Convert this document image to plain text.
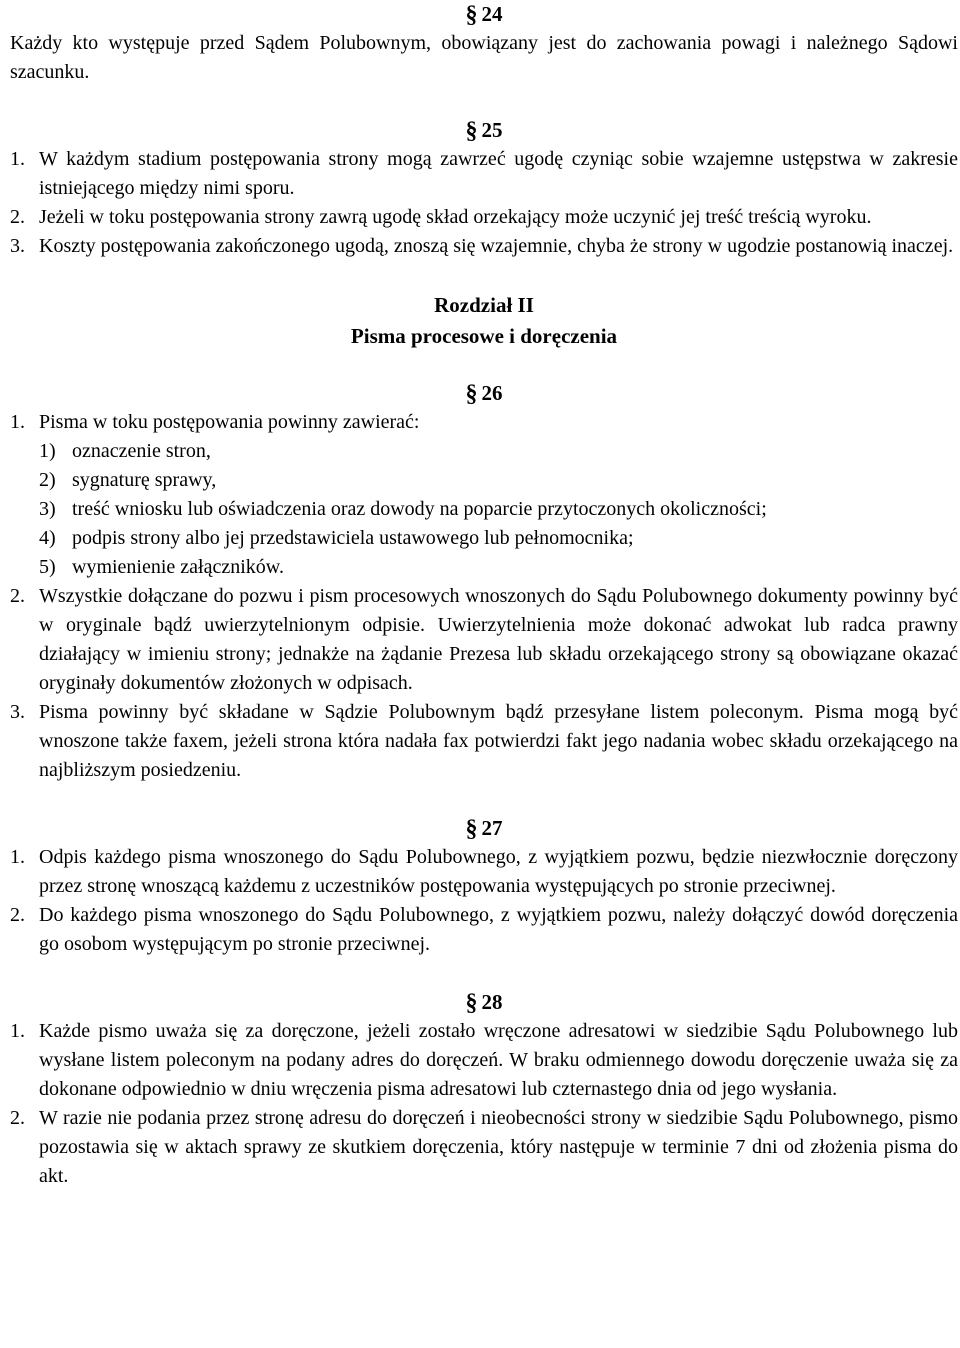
§ 24

Każdy kto występuje przed Sądem Polubownym, obowiązany jest do zachowania powagi i należnego Sądowi szacunku.

§ 25
1. W każdym stadium postępowania strony mogą zawrzeć ugodę czyniąc sobie wzajemne ustępstwa w zakresie istniejącego między nimi sporu.
2. Jeżeli w toku postępowania strony zawrą ugodę skład orzekający może uczynić jej treść treścią wyroku.
3. Koszty postępowania zakończonego ugodą, znoszą się wzajemnie, chyba że strony w ugodzie postanowią inaczej.
Rozdział II
Pisma procesowe i doręczenia
§ 26
1. Pisma w toku postępowania powinny zawierać:
1) oznaczenie stron,
2) sygnaturę sprawy,
3) treść wniosku lub oświadczenia oraz dowody na poparcie przytoczonych okoliczności;
4) podpis strony albo jej przedstawiciela ustawowego lub pełnomocnika;
5) wymienienie załączników.
2. Wszystkie dołączane do pozwu i pism procesowych wnoszonych do Sądu Polubownego dokumenty powinny być w oryginale bądź uwierzytelnionym odpisie. Uwierzytelnienia może dokonać adwokat lub radca prawny działający w imieniu strony; jednakże na żądanie Prezesa lub składu orzekającego strony są obowiązane okazać oryginały dokumentów złożonych w odpisach.
3. Pisma powinny być składane w Sądzie Polubownym bądź przesyłane listem poleconym. Pisma mogą być wnoszone także faxem, jeżeli strona która nadała fax potwierdzi fakt jego nadania wobec składu orzekającego na najbliższym posiedzeniu.
§ 27
1. Odpis każdego pisma wnoszonego do Sądu Polubownego, z wyjątkiem pozwu, będzie niezwłocznie doręczony przez stronę wnoszącą każdemu z uczestników postępowania występujących po stronie przeciwnej.
2. Do każdego pisma wnoszonego do Sądu Polubownego, z wyjątkiem pozwu, należy dołączyć dowód doręczenia go osobom występującym po stronie przeciwnej.
§ 28
1. Każde pismo uważa się za doręczone, jeżeli zostało wręczone adresatowi w siedzibie Sądu Polubownego lub wysłane listem poleconym na podany adres do doręczeń. W braku odmiennego dowodu doręczenie uważa się za dokonane odpowiednio w dniu wręczenia pisma adresatowi lub czternastego dnia od jego wysłania.
2. W razie nie podania przez stronę adresu do doręczeń i nieobecności strony w siedzibie Sądu Polubownego, pismo pozostawia się w aktach sprawy ze skutkiem doręczenia, który następuje w terminie 7 dni od złożenia pisma do akt.
